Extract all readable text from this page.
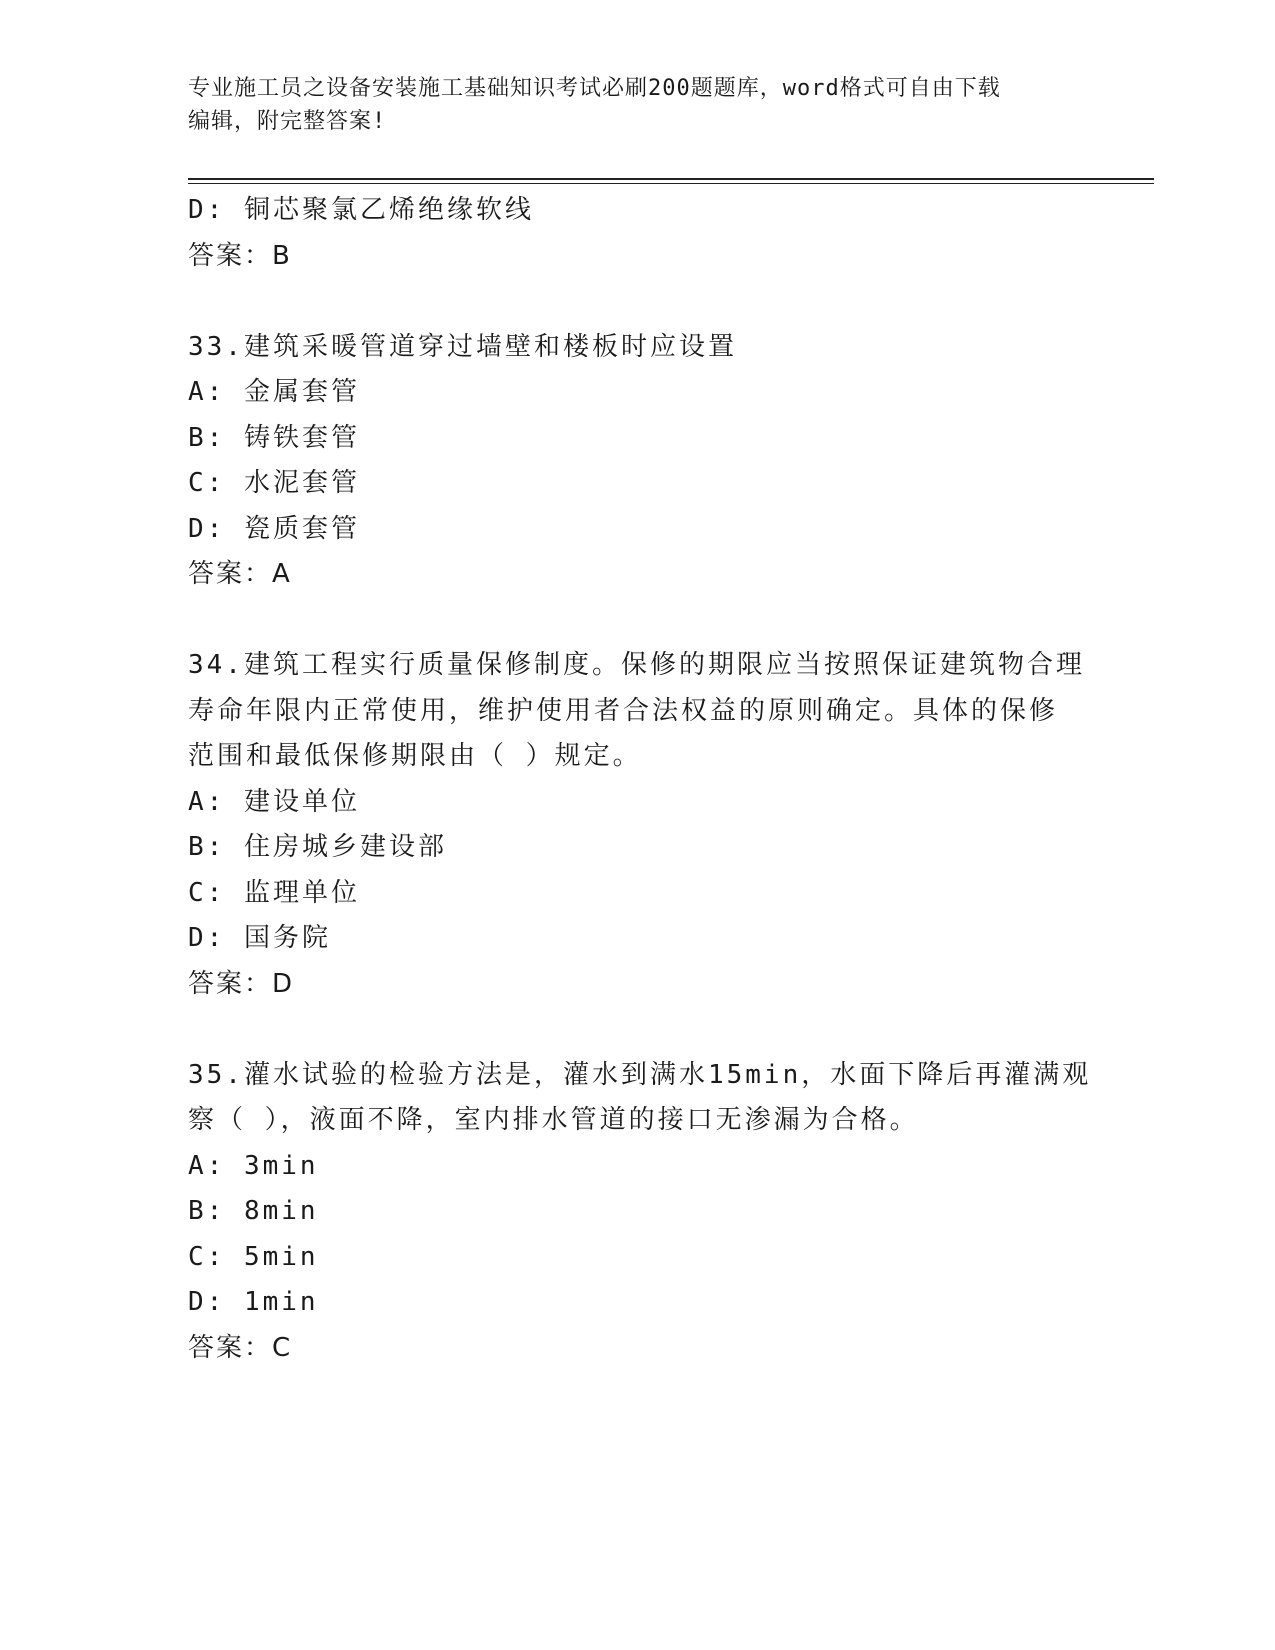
专业施工员之设备安装施工基础知识考试必刷200题题库，word格式可自由下载
编辑，附完整答案!
D: 铜芯聚氯乙烯绝缘软线
答案：B
33.建筑采暖管道穿过墙壁和楼板时应设置
A: 金属套管
B: 铸铁套管
C: 水泥套管
D: 瓷质套管
答案：A
34.建筑工程实行质量保修制度。保修的期限应当按照保证建筑物合理
寿命年限内正常使用，维护使用者合法权益的原则确定。具体的保修
范围和最低保修期限由（ ）规定。
A: 建设单位
B: 住房城乡建设部
C: 监理单位
D: 国务院
答案：D
35.灌水试验的检验方法是，灌水到满水15min，水面下降后再灌满观
察（ ），液面不降，室内排水管道的接口无渗漏为合格。
A: 3min
B: 8min
C: 5min
D: 1min
答案：C
